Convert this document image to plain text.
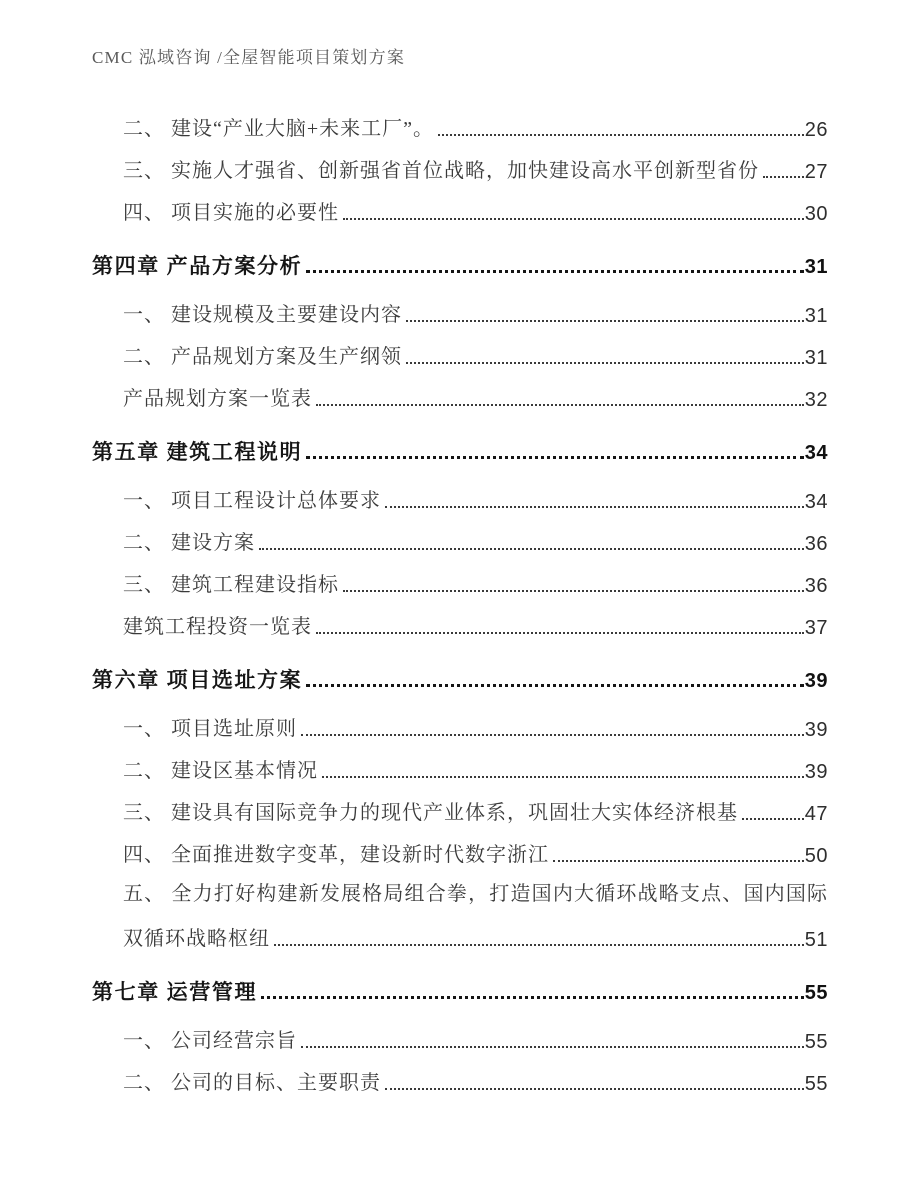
CMC 泓域咨询 /全屋智能项目策划方案
二、 建设“产业大脑+未来工厂”。	26
三、 实施人才强省、创新强省首位战略，加快建设高水平创新型省份 27
四、 项目实施的必要性	30
第四章 产品方案分析	31
一、 建设规模及主要建设内容	31
二、 产品规划方案及生产纲领	31
产品规划方案一览表	32
第五章 建筑工程说明	34
一、 项目工程设计总体要求	34
二、 建设方案	36
三、 建筑工程建设指标	36
建筑工程投资一览表	37
第六章 项目选址方案	39
一、 项目选址原则	39
二、 建设区基本情况	39
三、 建设具有国际竞争力的现代产业体系，巩固壮大实体经济根基	47
四、 全面推进数字变革，建设新时代数字浙江	50
五、 全力打好构建新发展格局组合拳，打造国内大循环战略支点、国内国际
双循环战略枢纽	51
第七章 运营管理	55
一、 公司经营宗旨	55
二、 公司的目标、主要职责	55
